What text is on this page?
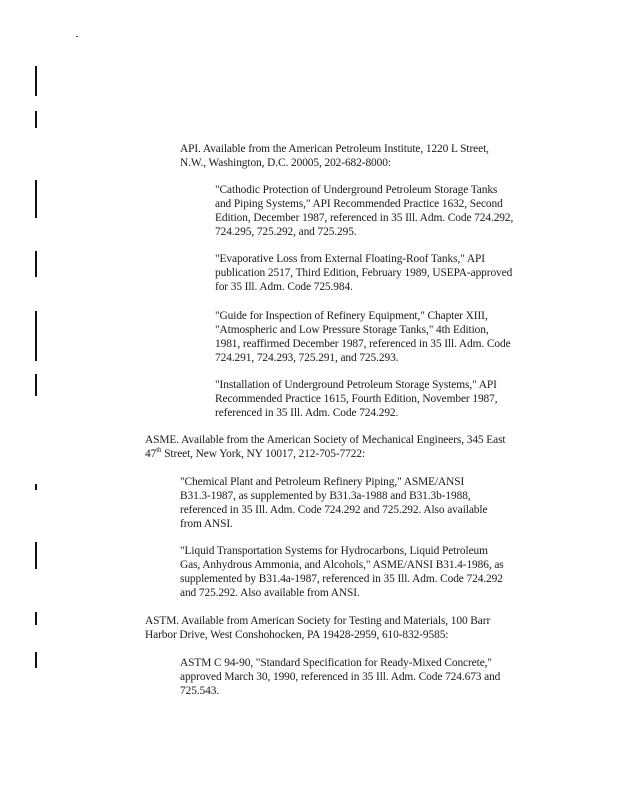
API. Available from the American Petroleum Institute, 1220 L Street,
N.W., Washington, D.C. 20005, 202-682-8000:

"Cathodic Protection of Underground Petroleum Storage Tanks
and Piping Systems," API Recommended Practice 1632, Second
Edition, December 1987, referenced in 35 Ill. Adm. Code 724.292,
724.295, 725.292, and 725.295.

"Evaporative Loss from External Floating-Roof Tanks," API
publication 2517, Third Edition, February 1989, USEPA-approved
for 35 Ill. Adm. Code 725.984.

"Guide for Inspection of Refinery Equipment," Chapter XIII,
"Atmospheric and Low Pressure Storage Tanks," 4th Edition,
1981, reaffirmed December 1987, referenced in 35 Ill. Adm. Code
724.291, 724.293, 725.291, and 725.293.

"Installation of Underground Petroleum Storage Systems," API
Recommended Practice 1615, Fourth Edition, November 1987,
referenced in 35 Ill. Adm. Code 724.292.

ASME. Available from the American Society of Mechanical Engineers, 345 East
47th Street, New York, NY 10017, 212-705-7722:

"Chemical Plant and Petroleum Refinery Piping," ASME/ANSI
B31.3-1987, as supplemented by B31.3a-1988 and B31.3b-1988,
referenced in 35 Ill. Adm. Code 724.292 and 725.292. Also available
from ANSI.

"Liquid Transportation Systems for Hydrocarbons, Liquid Petroleum
Gas, Anhydrous Ammonia, and Alcohols," ASME/ANSI B31.4-1986, as
supplemented by B31.4a-1987, referenced in 35 Ill. Adm. Code 724.292
and 725.292. Also available from ANSI.

ASTM. Available from American Society for Testing and Materials, 100 Barr
Harbor Drive, West Conshohocken, PA 19428-2959, 610-832-9585:

ASTM C 94-90, "Standard Specification for Ready-Mixed Concrete,"
approved March 30, 1990, referenced in 35 Ill. Adm. Code 724.673 and
725.543.
